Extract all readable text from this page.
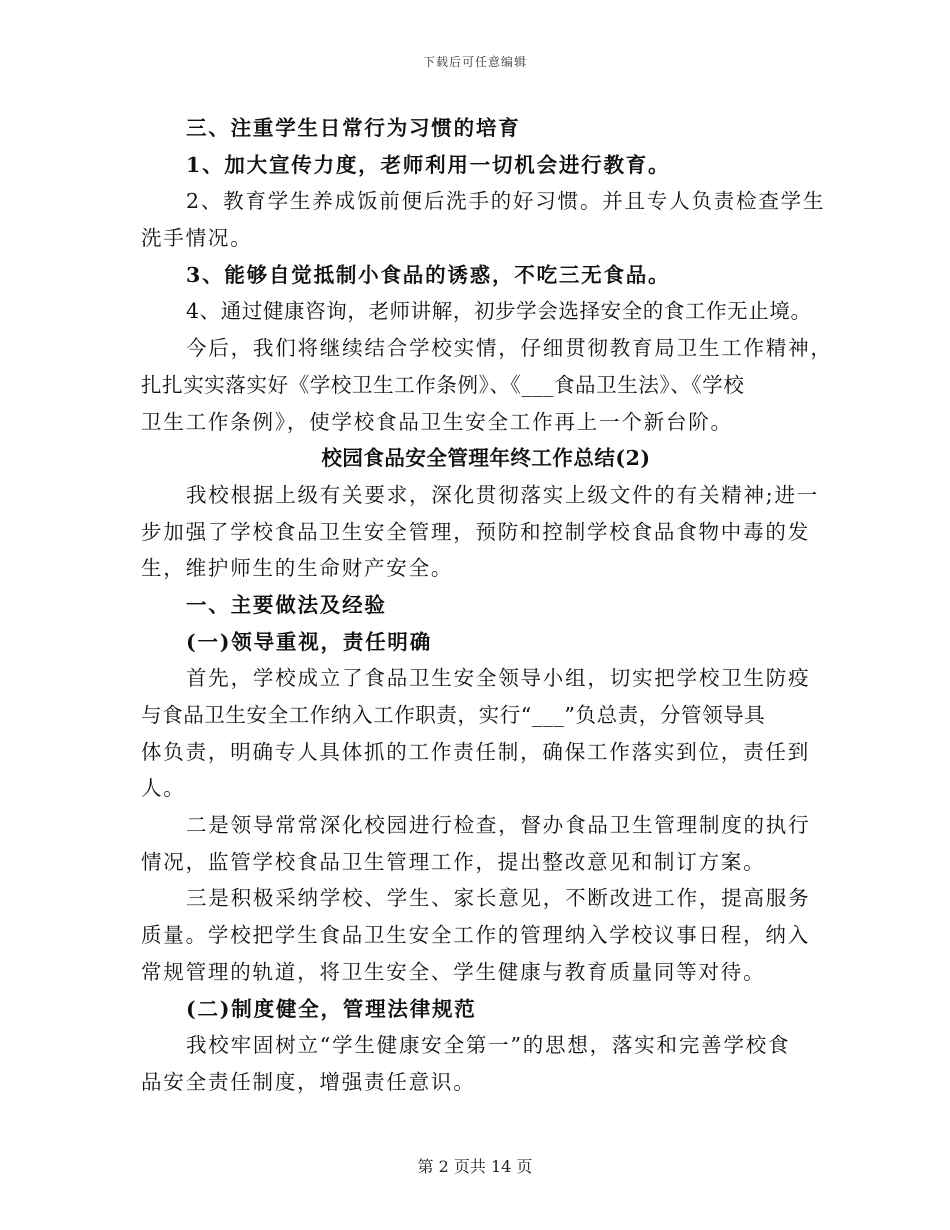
下载后可任意编辑
三、注重学生日常行为习惯的培育
1、加大宣传力度，老师利用一切机会进行教育。
2、教育学生养成饭前便后洗手的好习惯。并且专人负责检查学生
洗手情况。
3、能够自觉抵制小食品的诱惑，不吃三无食品。
4、通过健康咨询，老师讲解，初步学会选择安全的食工作无止境。
今后，我们将继续结合学校实情，仔细贯彻教育局卫生工作精神，
扎扎实实落实好《学校卫生工作条例》、《___食品卫生法》、《学校
卫生工作条例》，使学校食品卫生安全工作再上一个新台阶。
校园食品安全管理年终工作总结(2)
我校根据上级有关要求，深化贯彻落实上级文件的有关精神;进一
步加强了学校食品卫生安全管理，预防和控制学校食品食物中毒的发
生，维护师生的生命财产安全。
一、主要做法及经验
(一)领导重视，责任明确
首先，学校成立了食品卫生安全领导小组，切实把学校卫生防疫
与食品卫生安全工作纳入工作职责，实行“___”负总责，分管领导具
体负责，明确专人具体抓的工作责任制，确保工作落实到位，责任到
人。
二是领导常常深化校园进行检查，督办食品卫生管理制度的执行
情况，监管学校食品卫生管理工作，提出整改意见和制订方案。
三是积极采纳学校、学生、家长意见，不断改进工作，提高服务
质量。学校把学生食品卫生安全工作的管理纳入学校议事日程，纳入
常规管理的轨道，将卫生安全、学生健康与教育质量同等对待。
(二)制度健全，管理法律规范
我校牢固树立“学生健康安全第一”的思想，落实和完善学校食
品安全责任制度，增强责任意识。
第 2 页共 14 页
